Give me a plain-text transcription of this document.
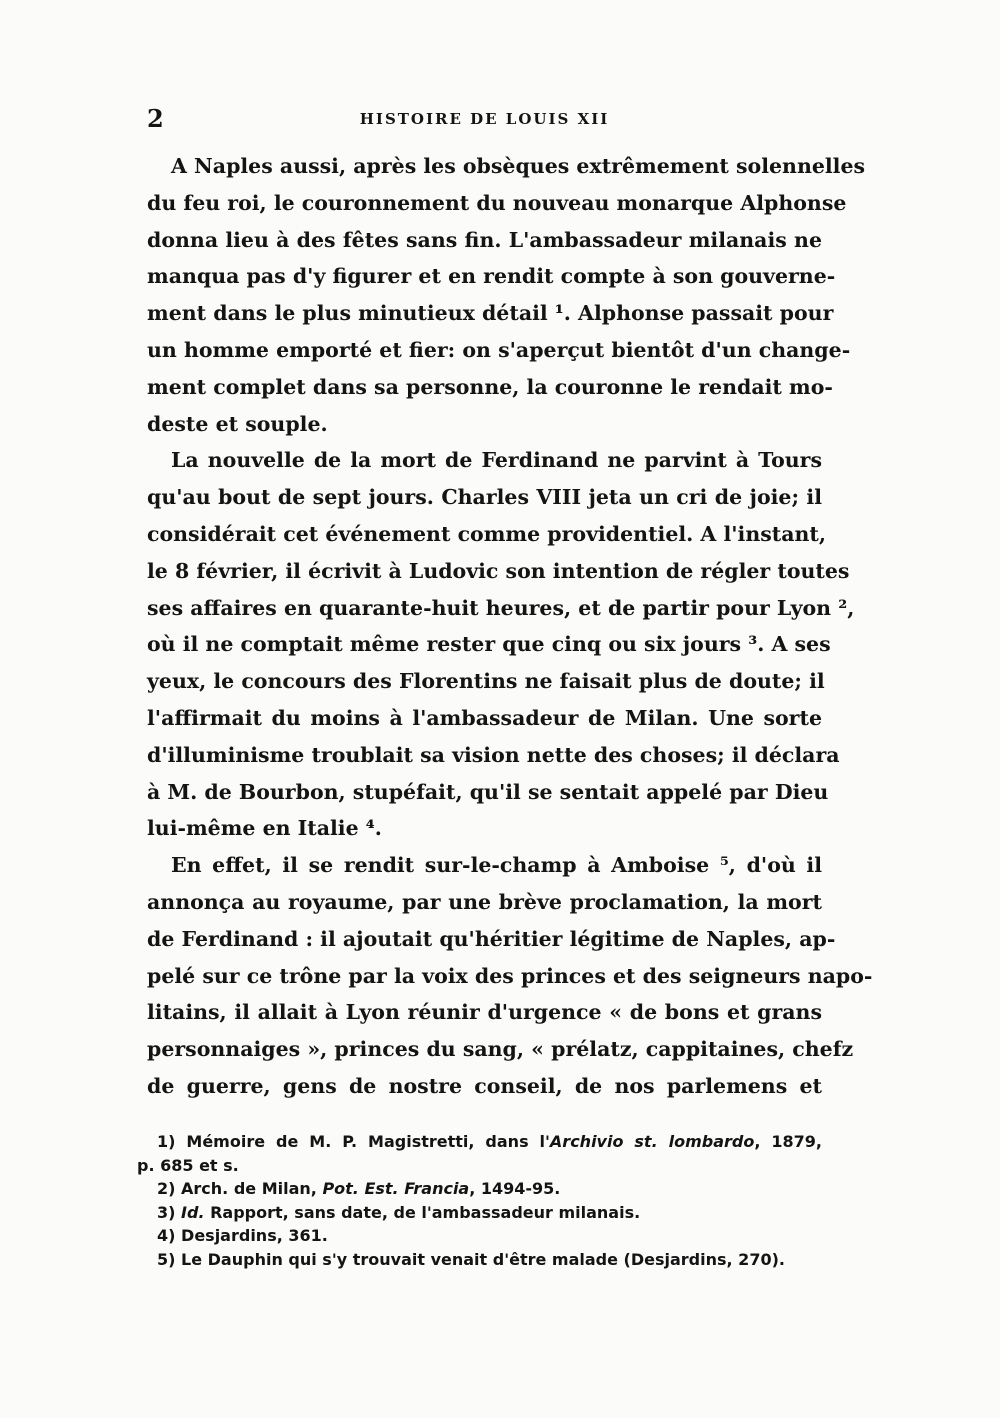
2	HISTOIRE DE LOUIS XII
A Naples aussi, après les obsèques extrêmement solennelles
du feu roi, le couronnement du nouveau monarque Alphonse
donna lieu à des fêtes sans fin. L'ambassadeur milanais ne
manqua pas d'y figurer et en rendit compte à son gouverne-
ment dans le plus minutieux détail ¹. Alphonse passait pour
un homme emporté et fier: on s'aperçut bientôt d'un change-
ment complet dans sa personne, la couronne le rendait mo-
deste et souple.
La nouvelle de la mort de Ferdinand ne parvint à Tours
qu'au bout de sept jours. Charles VIII jeta un cri de joie; il
considérait cet événement comme providentiel. A l'instant,
le 8 février, il écrivit à Ludovic son intention de régler toutes
ses affaires en quarante-huit heures, et de partir pour Lyon ²,
où il ne comptait même rester que cinq ou six jours ³. A ses
yeux, le concours des Florentins ne faisait plus de doute; il
l'affirmait du moins à l'ambassadeur de Milan. Une sorte
d'illuminisme troublait sa vision nette des choses; il déclara
à M. de Bourbon, stupéfait, qu'il se sentait appelé par Dieu
lui-même en Italie ⁴.
En effet, il se rendit sur-le-champ à Amboise ⁵, d'où il
annonça au royaume, par une brève proclamation, la mort
de Ferdinand : il ajoutait qu'héritier légitime de Naples, ap-
pelé sur ce trône par la voix des princes et des seigneurs napo-
litains, il allait à Lyon réunir d'urgence « de bons et grans
personnaiges », princes du sang, « prélatz, cappitaines, chefz
de guerre, gens de nostre conseil, de nos parlemens et
1) Mémoire de M. P. Magistretti, dans l'Archivio st. lombardo, 1879,
p. 685 et s.
2) Arch. de Milan, Pot. Est. Francia, 1494-95.
3) Id. Rapport, sans date, de l'ambassadeur milanais.
4) Desjardins, 361.
5) Le Dauphin qui s'y trouvait venait d'être malade (Desjardins, 270).
